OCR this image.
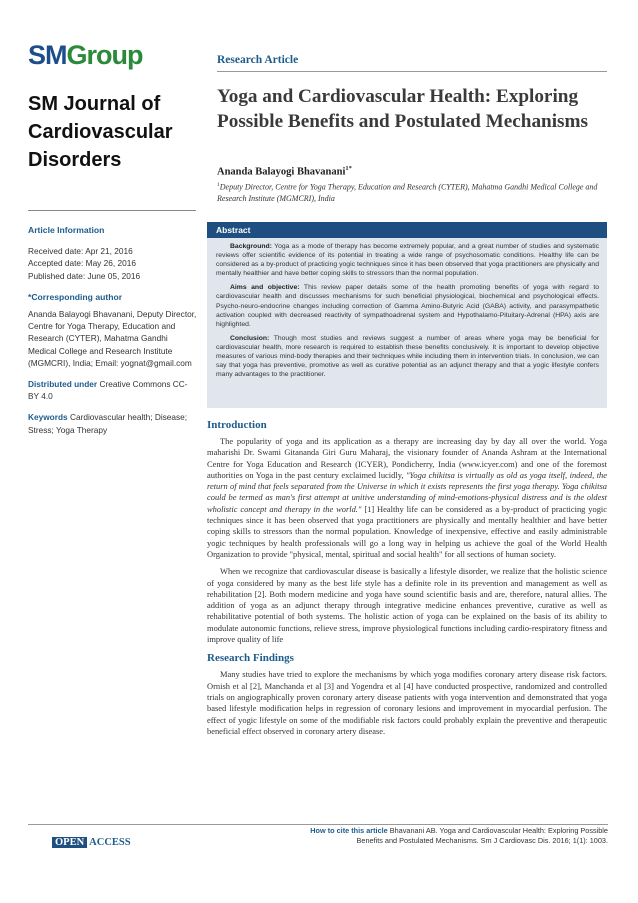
SMGroup
SM Journal of Cardiovascular Disorders
Article Information
Received date: Apr 21, 2016
Accepted date: May 26, 2016
Published date: June 05, 2016
*Corresponding author
Ananda Balayogi Bhavanani, Deputy Director, Centre for Yoga Therapy, Education and Research (CYTER), Mahatma Gandhi Medical College and Research Institute (MGMCRI), India; Email: yognat@gmail.com
Distributed under Creative Commons CC-BY 4.0
Keywords Cardiovascular health; Disease; Stress; Yoga Therapy
Research Article
Yoga and Cardiovascular Health: Exploring Possible Benefits and Postulated Mechanisms
Ananda Balayogi Bhavanani$^{1*}$
$^1$Deputy Director, Centre for Yoga Therapy, Education and Research (CYTER), Mahatma Gandhi Medical College and Research Institute (MGMCRI), India
Abstract

Background: Yoga as a mode of therapy has become extremely popular, and a great number of studies and systematic reviews offer scientific evidence of its potential in treating a wide range of psychosomatic conditions. Healthy life can be considered as a by-product of practicing yogic techniques since it has been observed that yoga practitioners are physically and mentally healthier and have better coping skills to stressors than the normal population.

Aims and objective: This review paper details some of the health promoting benefits of yoga with regard to cardiovascular health and discusses mechanisms for such beneficial physiological, biochemical and psychological effects. Psycho-neuro-endocrine changes including correction of Gamma Amino-Butyric Acid (GABA) activity, and parasympathetic activation coupled with decreased reactivity of sympathoadrenal system and Hypothalamo-Pituitary-Adrenal (HPA) axis are highlighted.

Conclusion: Though most studies and reviews suggest a number of areas where yoga may be beneficial for cardiovascular health, more research is required to establish these benefits conclusively. It is important to develop objective measures of various mind-body therapies and their techniques while including them in intervention trials. In conclusion, we can say that yoga has preventive, promotive as well as curative potential as an adjunct therapy and that a yogic lifestyle confers many advantages to the practitioner.

Introduction

The popularity of yoga and its application as a therapy are increasing day by day all over the world. Yoga maharishi Dr. Swami Gitananda Giri Guru Maharaj, the visionary founder of Ananda Ashram at the International Centre for Yoga Education and Research (ICYER), Pondicherry, India (www.icyer.com) and one of the foremost authorities on Yoga in the past century exclaimed lucidly, "Yoga chikitsa is virtually as old as yoga itself, indeed, the return of mind that feels separated from the Universe in which it exists represents the first yoga therapy. Yoga chikitsa could be termed as man's first attempt at unitive understanding of mind-emotions-physical distress and is the oldest wholistic concept and therapy in the world." [1] Healthy life can be considered as a by-product of practicing yogic techniques since it has been observed that yoga practitioners are physically and mentally healthier and have better coping skills to stressors than the normal population. Knowledge of inexpensive, effective and easily administrable yogic techniques by health professionals will go a long way in helping us achieve the goal of the World Health Organization to provide "physical, mental, spiritual and social health" for all sections of human society.

When we recognize that cardiovascular disease is basically a lifestyle disorder, we realize that the holistic science of yoga considered by many as the best life style has a definite role in its prevention and management as well as rehabilitation [2]. Both modern medicine and yoga have sound scientific basis and are, therefore, natural allies. The addition of yoga as an adjunct therapy through integrative medicine enhances preventive, curative as well as rehabilitative potential of both systems. The holistic action of yoga can be explained on the basis of its ability to modulate autonomic functions, relieve stress, improve physiological functions including cardio-respiratory fitness and improve quality of life

Research Findings

Many studies have tried to explore the mechanisms by which yoga modifies coronary artery disease risk factors. Ornish et al [2], Manchanda et al [3] and Yogendra et al [4] have conducted prospective, randomized and controlled trials on angiographically proven coronary artery disease patients with yoga intervention and demonstrated that yoga based lifestyle modification helps in regression of coronary lesions and improvement in myocardial perfusion. The effect of yogic lifestyle on some of the modifiable risk factors could probably explain the preventive and therapeutic beneficial effect observed in coronary artery disease.

OPEN ACCESS
How to cite this article Bhavanani AB. Yoga and Cardiovascular Health: Exploring Possible Benefits and Postulated Mechanisms. Sm J Cardiovasc Dis. 2016; 1(1): 1003.
